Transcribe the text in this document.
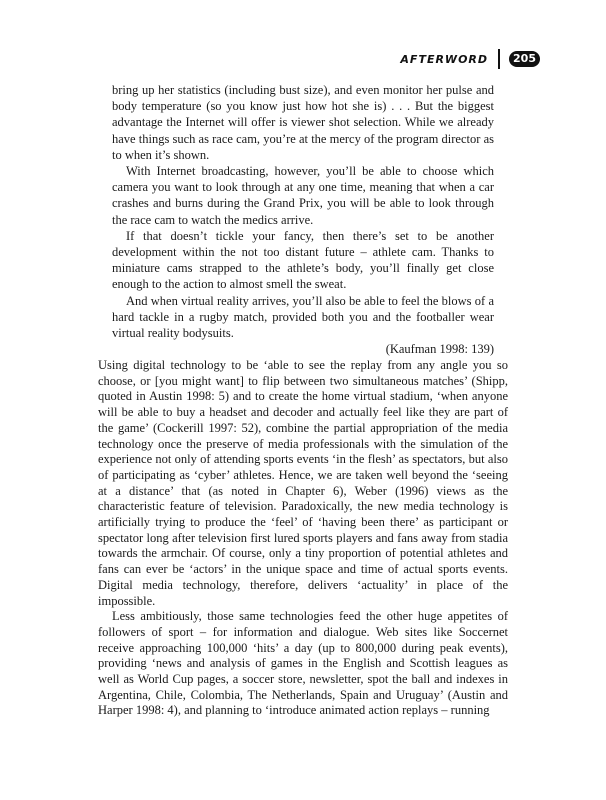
AFTERWORD	205

bring up her statistics (including bust size), and even monitor her pulse and body temperature (so you know just how hot she is) . . . But the biggest advantage the Internet will offer is viewer shot selection. While we already have things such as race cam, you’re at the mercy of the program director as to when it’s shown.

With Internet broadcasting, however, you’ll be able to choose which camera you want to look through at any one time, meaning that when a car crashes and burns during the Grand Prix, you will be able to look through the race cam to watch the medics arrive.

If that doesn’t tickle your fancy, then there’s set to be another development within the not too distant future – athlete cam. Thanks to miniature cams strapped to the athlete’s body, you’ll finally get close enough to the action to almost smell the sweat.

And when virtual reality arrives, you’ll also be able to feel the blows of a hard tackle in a rugby match, provided both you and the footballer wear virtual reality bodysuits.

(Kaufman 1998: 139)

Using digital technology to be ‘able to see the replay from any angle you so choose, or [you might want] to flip between two simultaneous matches’ (Shipp, quoted in Austin 1998: 5) and to create the home virtual stadium, ‘when anyone will be able to buy a headset and decoder and actually feel like they are part of the game’ (Cockerill 1997: 52), combine the partial appropriation of the media technology once the preserve of media professionals with the simulation of the experience not only of attending sports events ‘in the flesh’ as spectators, but also of participating as ‘cyber’ athletes. Hence, we are taken well beyond the ‘seeing at a distance’ that (as noted in Chapter 6), Weber (1996) views as the characteristic feature of television. Paradoxically, the new media technology is artificially trying to produce the ‘feel’ of ‘having been there’ as participant or spectator long after television first lured sports players and fans away from stadia towards the armchair. Of course, only a tiny proportion of potential athletes and fans can ever be ‘actors’ in the unique space and time of actual sports events. Digital media technology, therefore, delivers ‘actuality’ in place of the impossible.

Less ambitiously, those same technologies feed the other huge appetites of followers of sport – for information and dialogue. Web sites like Soccernet receive approaching 100,000 ‘hits’ a day (up to 800,000 during peak events), providing ‘news and analysis of games in the English and Scottish leagues as well as World Cup pages, a soccer store, newsletter, spot the ball and indexes in Argentina, Chile, Colombia, The Netherlands, Spain and Uruguay’ (Austin and Harper 1998: 4), and planning to ‘introduce animated action replays – running
